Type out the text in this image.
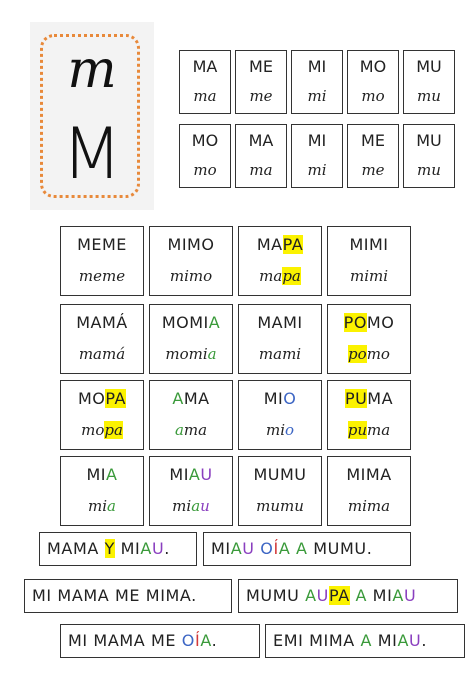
m
M
MA
ma
ME
me
MI
mi
MO
mo
MU
mu
MO
mo
MA
ma
MI
mi
ME
me
MU
mu
MEME
meme
MIMO
mimo
MAPA
mapa
MIMI
mimi
MAMÁ
mamá
MOMIA
momia
MAMI
mami
POMO
pomo
MOPA
mopa
AMA
ama
MIO
mio
PUMA
puma
MIA
mia
MIAU
miau
MUMU
mumu
MIMA
mima
MAMA Y MIAU.	MIAU OÍA A MUMU.
MI MAMA ME MIMA.	MUMU AUPA A MIAU
MI MAMA ME OÍA.	EMI MIMA A MIAU.
